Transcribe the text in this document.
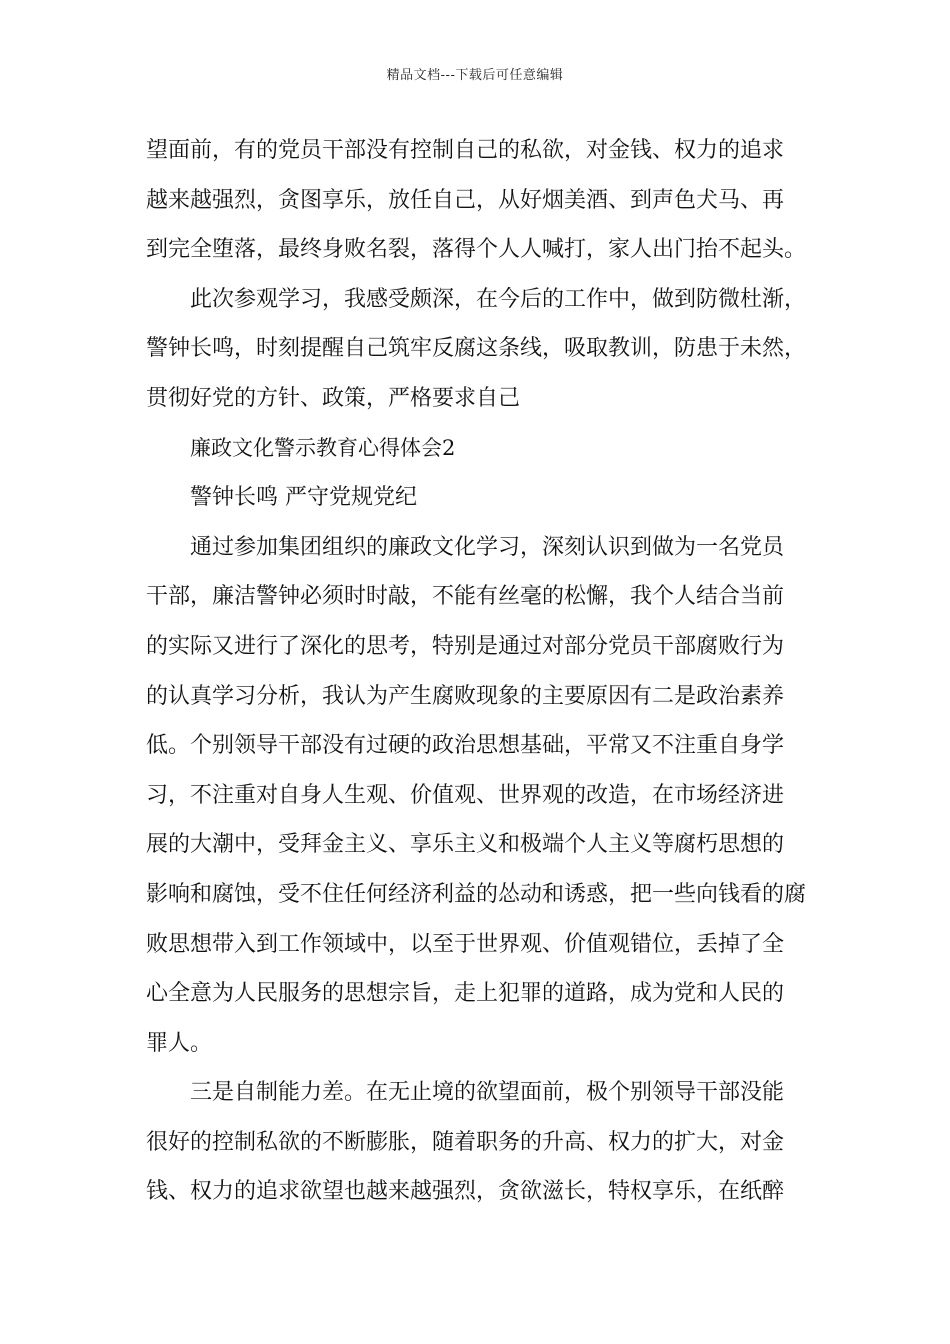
精品文档---下载后可任意编辑
望面前，有的党员干部没有控制自己的私欲，对金钱、权力的追求
越来越强烈，贪图享乐，放任自己，从好烟美酒、到声色犬马、再
到完全堕落，最终身败名裂，落得个人人喊打，家人出门抬不起头。
此次参观学习，我感受颇深，在今后的工作中，做到防微杜渐，
警钟长鸣，时刻提醒自己筑牢反腐这条线，吸取教训，防患于未然，
贯彻好党的方针、政策，严格要求自己
廉政文化警示教育心得体会2
警钟长鸣 严守党规党纪
通过参加集团组织的廉政文化学习，深刻认识到做为一名党员
干部，廉洁警钟必须时时敲，不能有丝毫的松懈，我个人结合当前
的实际又进行了深化的思考，特别是通过对部分党员干部腐败行为
的认真学习分析，我认为产生腐败现象的主要原因有二是政治素养
低。个别领导干部没有过硬的政治思想基础，平常又不注重自身学
习，不注重对自身人生观、价值观、世界观的改造，在市场经济进
展的大潮中，受拜金主义、享乐主义和极端个人主义等腐朽思想的
影响和腐蚀，受不住任何经济利益的怂动和诱惑，把一些向钱看的腐
败思想带入到工作领域中，以至于世界观、价值观错位，丢掉了全
心全意为人民服务的思想宗旨，走上犯罪的道路，成为党和人民的
罪人。
三是自制能力差。在无止境的欲望面前，极个别领导干部没能
很好的控制私欲的不断膨胀，随着职务的升高、权力的扩大，对金
钱、权力的追求欲望也越来越强烈，贪欲滋长，特权享乐，在纸醉
